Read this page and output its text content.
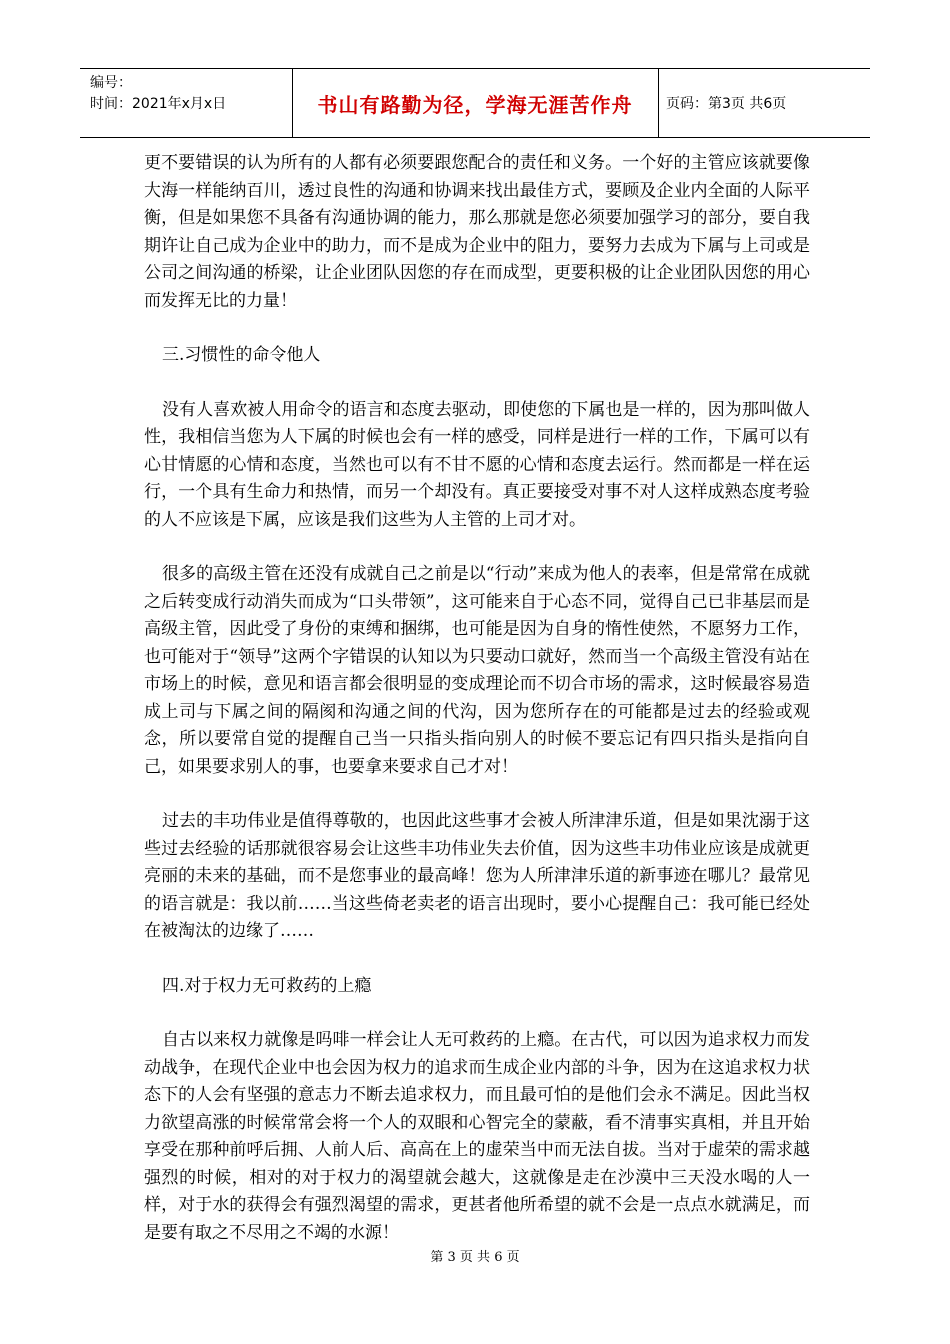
编号：
时间：2021年x月x日	书山有路勤为径，学海无涯苦作舟	页码：第3页 共6页

更不要错误的认为所有的人都有必须要跟您配合的责任和义务。一个好的主管应该就要像大海一样能纳百川，透过良性的沟通和协调来找出最佳方式，要顾及企业内全面的人际平衡，但是如果您不具备有沟通协调的能力，那么那就是您必须要加强学习的部分，要自我期许让自己成为企业中的助力，而不是成为企业中的阻力，要努力去成为下属与上司或是公司之间沟通的桥梁，让企业团队因您的存在而成型，更要积极的让企业团队因您的用心而发挥无比的力量！

三.习惯性的命令他人

没有人喜欢被人用命令的语言和态度去驱动，即使您的下属也是一样的，因为那叫做人性，我相信当您为人下属的时候也会有一样的感受，同样是进行一样的工作，下属可以有心甘情愿的心情和态度，当然也可以有不甘不愿的心情和态度去运行。然而都是一样在运行，一个具有生命力和热情，而另一个却没有。真正要接受对事不对人这样成熟态度考验的人不应该是下属，应该是我们这些为人主管的上司才对。

很多的高级主管在还没有成就自己之前是以“行动”来成为他人的表率，但是常常在成就之后转变成行动消失而成为“口头带领”，这可能来自于心态不同，觉得自己已非基层而是高级主管，因此受了身份的束缚和捆绑，也可能是因为自身的惰性使然，不愿努力工作，也可能对于“领导”这两个字错误的认知以为只要动口就好，然而当一个高级主管没有站在市场上的时候，意见和语言都会很明显的变成理论而不切合市场的需求，这时候最容易造成上司与下属之间的隔阂和沟通之间的代沟，因为您所存在的可能都是过去的经验或观念，所以要常自觉的提醒自己当一只指头指向别人的时候不要忘记有四只指头是指向自己，如果要求别人的事，也要拿来要求自己才对！

过去的丰功伟业是值得尊敬的，也因此这些事才会被人所津津乐道，但是如果沈溺于这些过去经验的话那就很容易会让这些丰功伟业失去价值，因为这些丰功伟业应该是成就更亮丽的未来的基础，而不是您事业的最高峰！您为人所津津乐道的新事迹在哪儿？最常见的语言就是：我以前……当这些倚老卖老的语言出现时，要小心提醒自己：我可能已经处在被淘汰的边缘了……

四.对于权力无可救药的上瘾

自古以来权力就像是吗啡一样会让人无可救药的上瘾。在古代，可以因为追求权力而发动战争，在现代企业中也会因为权力的追求而生成企业内部的斗争，因为在这追求权力状态下的人会有坚强的意志力不断去追求权力，而且最可怕的是他们会永不满足。因此当权力欲望高涨的时候常常会将一个人的双眼和心智完全的蒙蔽，看不清事实真相，并且开始享受在那种前呼后拥、人前人后、高高在上的虚荣当中而无法自拔。当对于虚荣的需求越强烈的时候，相对的对于权力的渴望就会越大，这就像是走在沙漠中三天没水喝的人一样，对于水的获得会有强烈渴望的需求，更甚者他所希望的就不会是一点点水就满足，而是要有取之不尽用之不竭的水源！

第 3 页 共 6 页
